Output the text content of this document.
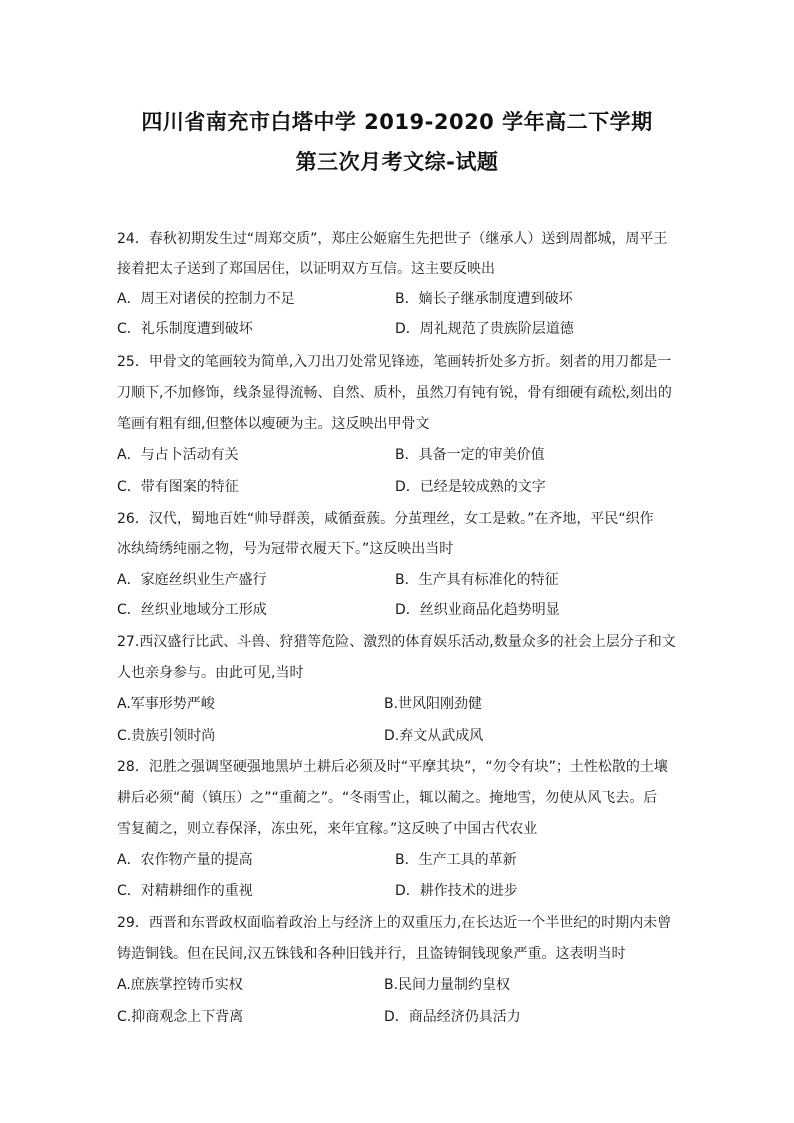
四川省南充市白塔中学 2019-2020 学年高二下学期
第三次月考文综-试题
24．春秋初期发生过“周郑交质”，郑庄公姬寤生先把世子（继承人）送到周都城，周平王
接着把太子送到了郑国居住，以证明双方互信。这主要反映出
A．周王对诸侯的控制力不足	B．嫡长子继承制度遭到破坏
C．礼乐制度遭到破坏	D．周礼规范了贵族阶层道德
25．甲骨文的笔画较为简单,入刀出刀处常见锋迹，笔画转折处多方折。刻者的用刀都是一
刀顺下,不加修饰，线条显得流畅、自然、质朴，虽然刀有钝有锐，骨有细硬有疏松,刻出的
笔画有粗有细,但整体以瘦硬为主。这反映出甲骨文
A．与占卜活动有关	B．具备一定的审美价值
C．带有图案的特征	D．已经是较成熟的文字
26．汉代，蜀地百姓“帅导群羡，咸循蚕蔟。分茧理丝，女工是敕。”在齐地，平民“织作
冰纨绮绣纯丽之物，号为冠带衣履天下。”这反映出当时
A．家庭丝织业生产盛行	B．生产具有标准化的特征
C．丝织业地域分工形成	D．丝织业商品化趋势明显
27.西汉盛行比武、斗兽、狩猎等危险、激烈的体育娱乐活动,数量众多的社会上层分子和文
人也亲身参与。由此可见,当时
A.军事形势严峻	B.世风阳刚劲健
C.贵族引领时尚	D.弃文从武成风
28．氾胜之强调坚硬强地黑垆土耕后必须及时“平摩其块”，“勿令有块”；土性松散的土壤
耕后必须“蔺（镇压）之”“重蔺之”。“冬雨雪止，辄以蔺之。掩地雪，勿使从风飞去。后
雪复蔺之，则立春保泽，冻虫死，来年宜稼。”这反映了中国古代农业
A．农作物产量的提高	B．生产工具的革新
C．对精耕细作的重视	D．耕作技术的进步
29．西晋和东晋政权面临着政治上与经济上的双重压力,在长达近一个半世纪的时期内未曾
铸造铜钱。但在民间,汉五铢钱和各种旧钱并行，且盗铸铜钱现象严重。这表明当时
A.庶族掌控铸币实权	B.民间力量制约皇权
C.抑商观念上下背离	D．商品经济仍具活力
